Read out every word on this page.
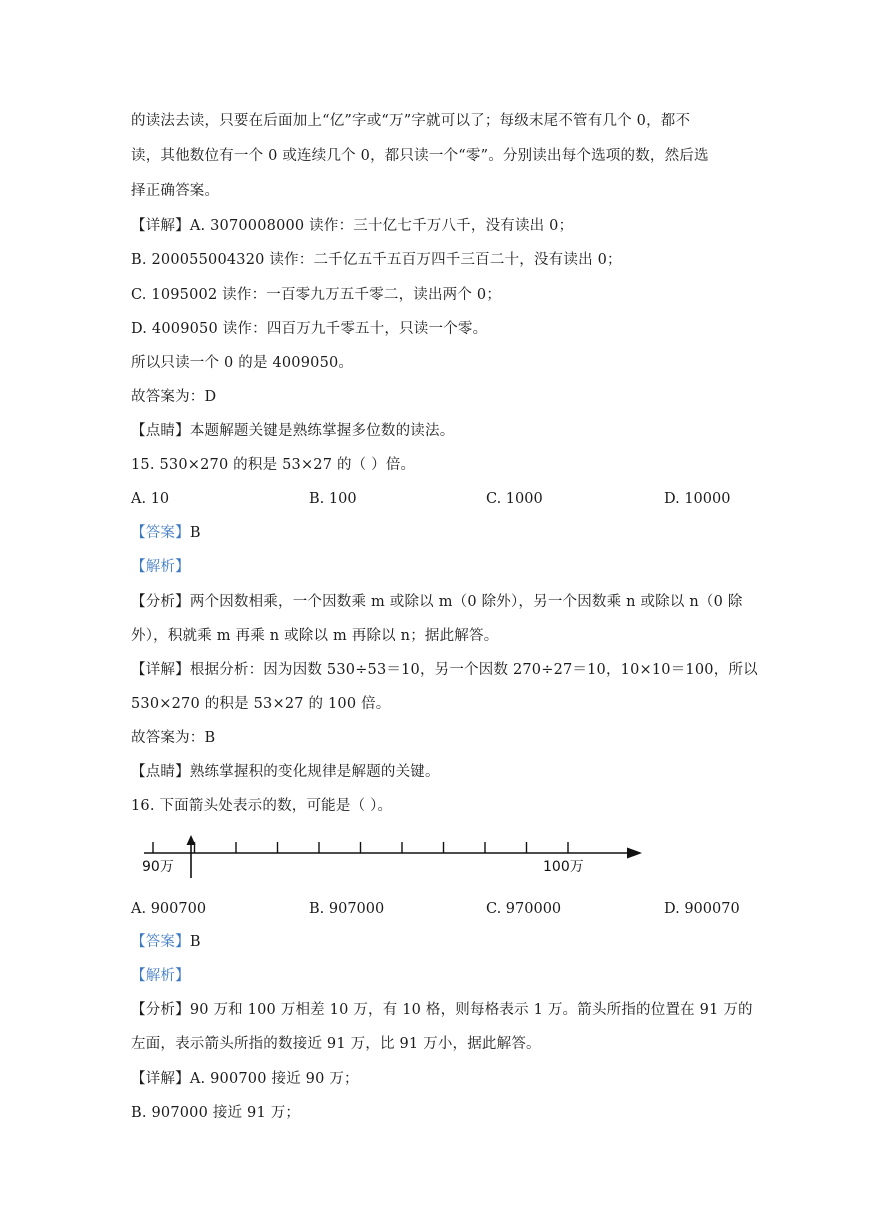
的读法去读，只要在后面加上“亿”字或“万”字就可以了；每级末尾不管有几个 0，都不
读，其他数位有一个 0 或连续几个 0，都只读一个“零”。分别读出每个选项的数，然后选
择正确答案。
【详解】A. 3070008000 读作：三十亿七千万八千，没有读出 0；
B. 200055004320 读作：二千亿五千五百万四千三百二十，没有读出 0；
C. 1095002 读作：一百零九万五千零二，读出两个 0；
D. 4009050 读作：四百万九千零五十，只读一个零。
所以只读一个 0 的是 4009050。
故答案为：D
【点睛】本题解题关键是熟练掌握多位数的读法。
15. 530×270 的积是 53×27 的（ ）倍。
A. 10	B. 100	C. 1000	D. 10000
【答案】B
【解析】
【分析】两个因数相乘，一个因数乘 m 或除以 m（0 除外），另一个因数乘 n 或除以 n（0 除
外），积就乘 m 再乘 n 或除以 m 再除以 n；据此解答。
【详解】根据分析：因为因数 530÷53＝10，另一个因数 270÷27＝10，10×10＝100，所以
530×270 的积是 53×27 的 100 倍。
故答案为：B
【点睛】熟练掌握积的变化规律是解题的关键。
16. 下面箭头处表示的数，可能是（ ）。
90万	100万
A. 900700	B. 907000	C. 970000	D. 900070
【答案】B
【解析】
【分析】90 万和 100 万相差 10 万，有 10 格，则每格表示 1 万。箭头所指的位置在 91 万的
左面，表示箭头所指的数接近 91 万，比 91 万小，据此解答。
【详解】A. 900700 接近 90 万；
B. 907000 接近 91 万；
